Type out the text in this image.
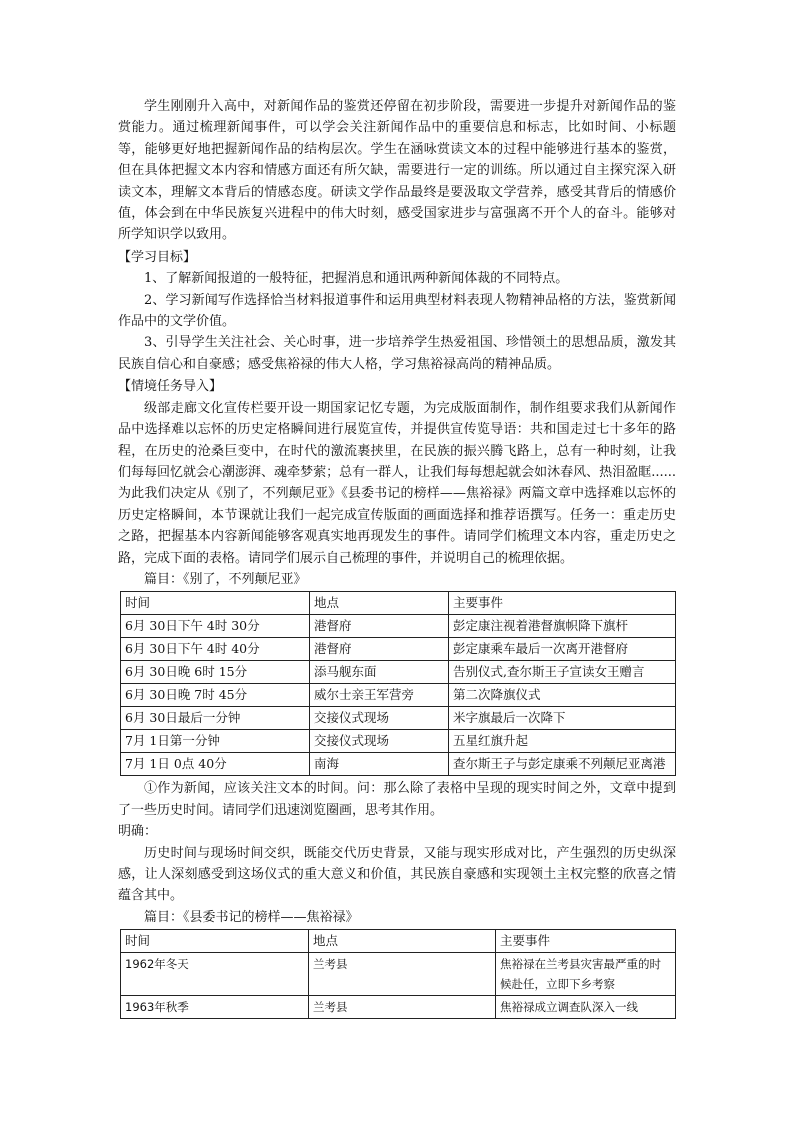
学生刚刚升入高中，对新闻作品的鉴赏还停留在初步阶段，需要进一步提升对新闻作品的鉴赏能力。通过梳理新闻事件，可以学会关注新闻作品中的重要信息和标志，比如时间、小标题等，能够更好地把握新闻作品的结构层次。学生在涵咏赏读文本的过程中能够进行基本的鉴赏，但在具体把握文本内容和情感方面还有所欠缺，需要进行一定的训练。所以通过自主探究深入研读文本，理解文本背后的情感态度。研读文学作品最终是要汲取文学营养，感受其背后的情感价值，体会到在中华民族复兴进程中的伟大时刻，感受国家进步与富强离不开个人的奋斗。能够对所学知识学以致用。

【学习目标】

1、了解新闻报道的一般特征，把握消息和通讯两种新闻体裁的不同特点。

2、学习新闻写作选择恰当材料报道事件和运用典型材料表现人物精神品格的方法，鉴赏新闻作品中的文学价值。

3、引导学生关注社会、关心时事，进一步培养学生热爱祖国、珍惜领土的思想品质，激发其民族自信心和自豪感；感受焦裕禄的伟大人格，学习焦裕禄高尚的精神品质。

【情境任务导入】

级部走廊文化宣传栏要开设一期国家记忆专题，为完成版面制作，制作组要求我们从新闻作品中选择难以忘怀的历史定格瞬间进行展览宣传，并提供宣传览导语：共和国走过七十多年的路程，在历史的沧桑巨变中，在时代的激流裹挟里，在民族的振兴腾飞路上，总有一种时刻，让我们每每回忆就会心潮澎湃、魂牵梦萦；总有一群人，让我们每每想起就会如沐春风、热泪盈眶......为此我们决定从《别了，不列颠尼亚》《县委书记的榜样——焦裕禄》两篇文章中选择难以忘怀的历史定格瞬间，本节课就让我们一起完成宣传版面的画面选择和推荐语撰写。任务一：重走历史之路，把握基本内容新闻能够客观真实地再现发生的事件。请同学们梳理文本内容，重走历史之路，完成下面的表格。请同学们展示自己梳理的事件，并说明自己的梳理依据。

篇目：《别了，不列颠尼亚》

时间	地点	主要事件
6月 30日下午 4时 30分	港督府	彭定康注视着港督旗帜降下旗杆
6月 30日下午 4时 40分	港督府	彭定康乘车最后一次离开港督府
6月 30日晚 6时 15分	添马舰东面	告别仪式,查尔斯王子宣读女王赠言
6月 30日晚 7时 45分	威尔士亲王军营旁	第二次降旗仪式
6月 30日最后一分钟	交接仪式现场	米字旗最后一次降下
7月 1日第一分钟	交接仪式现场	五星红旗升起
7月 1日 0点 40分	南海	查尔斯王子与彭定康乘不列颠尼亚离港

①作为新闻，应该关注文本的时间。问：那么除了表格中呈现的现实时间之外，文章中提到了一些历史时间。请同学们迅速浏览圈画，思考其作用。

明确：

历史时间与现场时间交织，既能交代历史背景，又能与现实形成对比，产生强烈的历史纵深感，让人深刻感受到这场仪式的重大意义和价值，其民族自豪感和实现领土主权完整的欣喜之情蕴含其中。

篇目：《县委书记的榜样——焦裕禄》

时间	地点	主要事件
1962年冬天	兰考县	焦裕禄在兰考县灾害最严重的时候赴任，立即下乡考察
1963年秋季	兰考县	焦裕禄成立调查队深入一线
